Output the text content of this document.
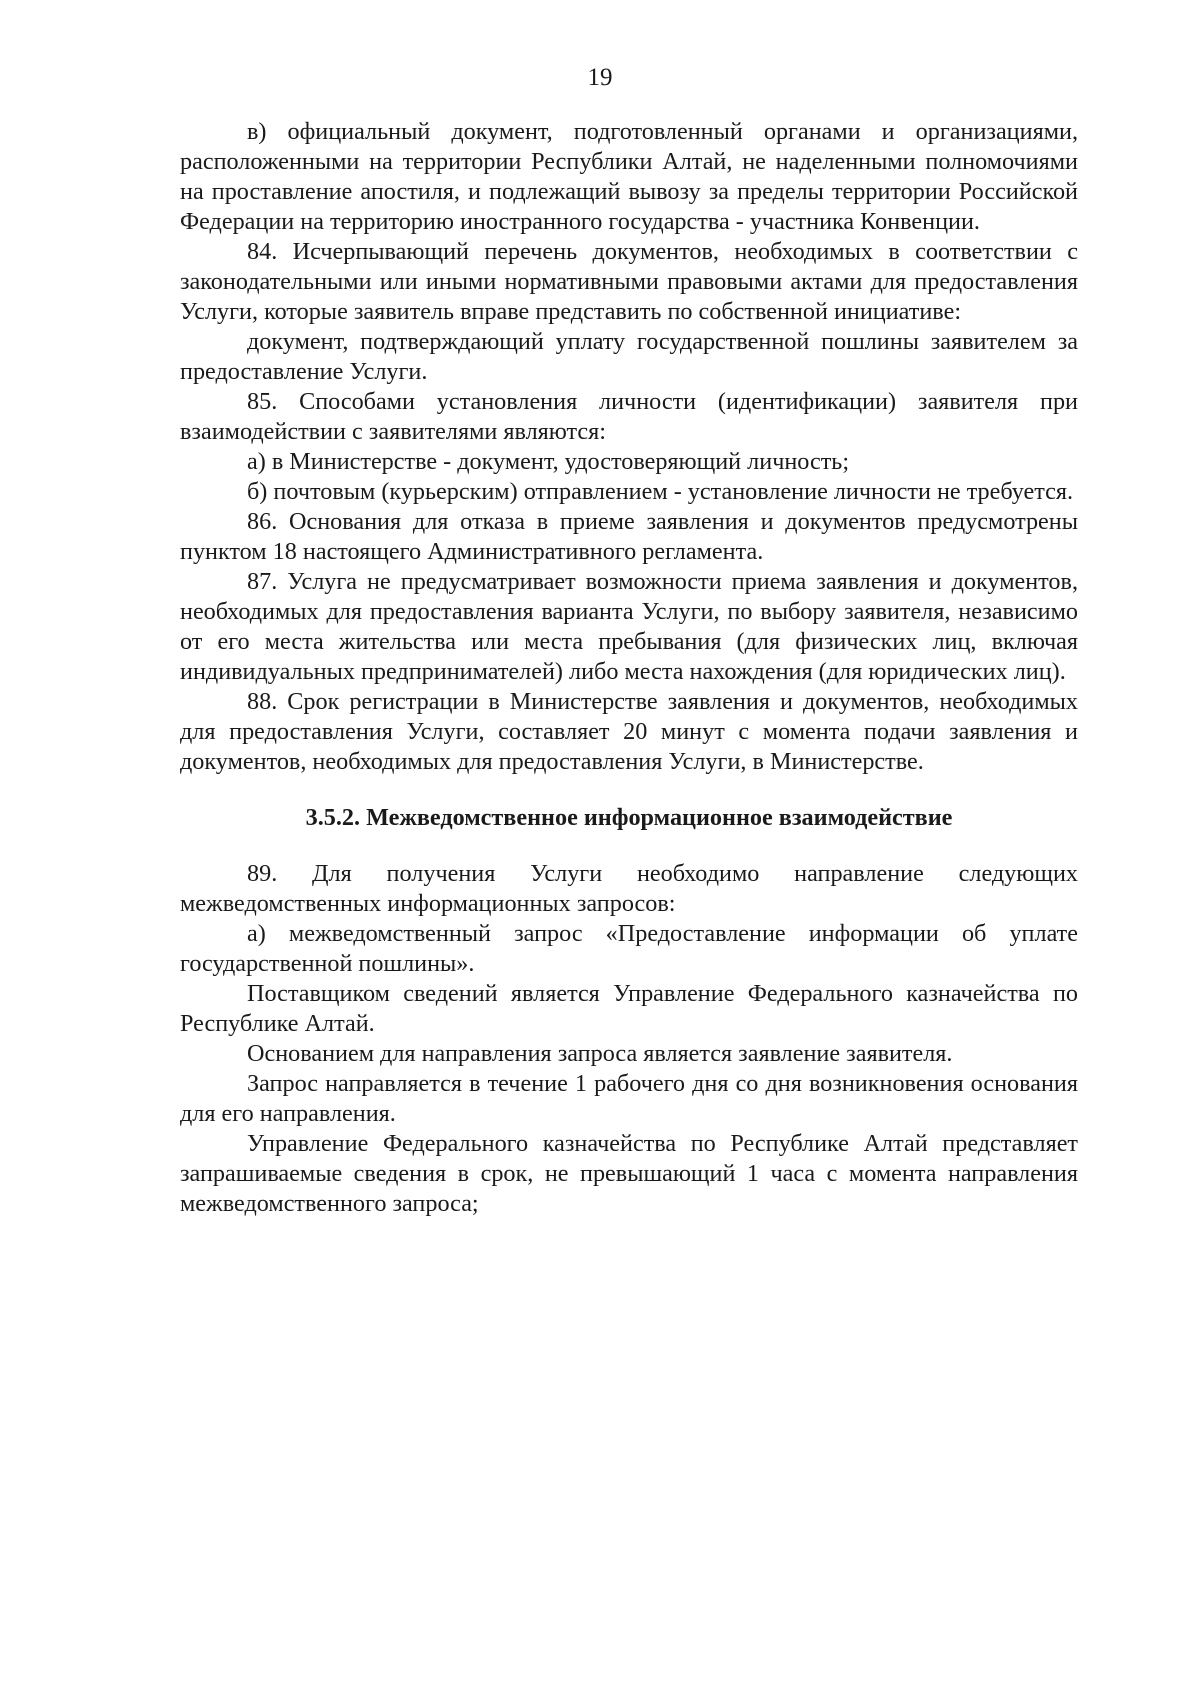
19

в) официальный документ, подготовленный органами и организациями, расположенными на территории Республики Алтай, не наделенными полномочиями на проставление апостиля, и подлежащий вывозу за пределы территории Российской Федерации на территорию иностранного государства - участника Конвенции.

84. Исчерпывающий перечень документов, необходимых в соответствии с законодательными или иными нормативными правовыми актами для предоставления Услуги, которые заявитель вправе представить по собственной инициативе:

документ, подтверждающий уплату государственной пошлины заявителем за предоставление Услуги.

85. Способами установления личности (идентификации) заявителя при взаимодействии с заявителями являются:

а) в Министерстве - документ, удостоверяющий личность;

б) почтовым (курьерским) отправлением - установление личности не требуется.

86. Основания для отказа в приеме заявления и документов предусмотрены пунктом 18 настоящего Административного регламента.

87. Услуга не предусматривает возможности приема заявления и документов, необходимых для предоставления варианта Услуги, по выбору заявителя, независимо от его места жительства или места пребывания (для физических лиц, включая индивидуальных предпринимателей) либо места нахождения (для юридических лиц).

88. Срок регистрации в Министерстве заявления и документов, необходимых для предоставления Услуги, составляет 20 минут с момента подачи заявления и документов, необходимых для предоставления Услуги, в Министерстве.

3.5.2. Межведомственное информационное взаимодействие

89. Для получения Услуги необходимо направление следующих межведомственных информационных запросов:

а) межведомственный запрос «Предоставление информации об уплате государственной пошлины».

Поставщиком сведений является Управление Федерального казначейства по Республике Алтай.

Основанием для направления запроса является заявление заявителя.

Запрос направляется в течение 1 рабочего дня со дня возникновения основания для его направления.

Управление Федерального казначейства по Республике Алтай представляет запрашиваемые сведения в срок, не превышающий 1 часа с момента направления межведомственного запроса;
